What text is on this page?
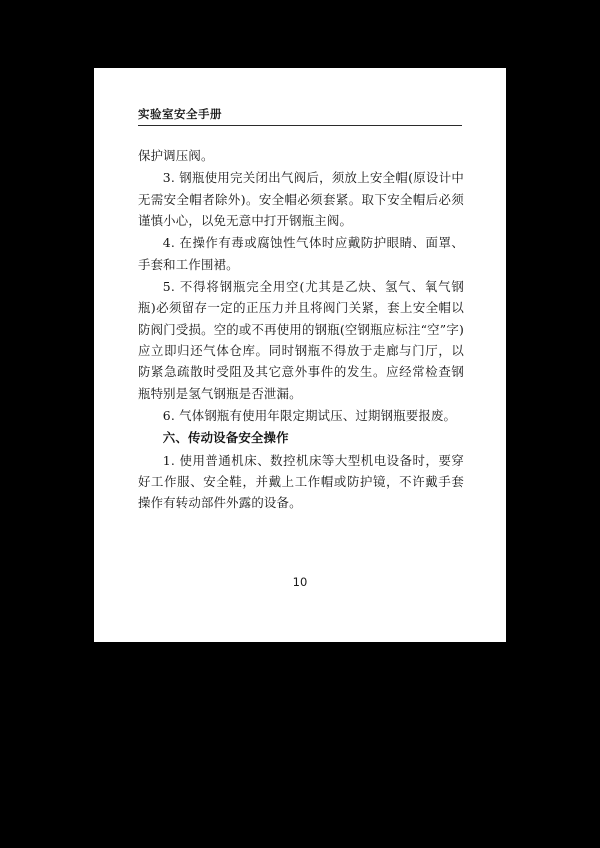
实验室安全手册

保护调压阀。

3. 钢瓶使用完关闭出气阀后，须放上安全帽(原设计中无需安全帽者除外)。安全帽必须套紧。取下安全帽后必须谨慎小心，以免无意中打开钢瓶主阀。

4. 在操作有毒或腐蚀性气体时应戴防护眼睛、面罩、手套和工作围裙。

5. 不得将钢瓶完全用空(尤其是乙炔、氢气、氧气钢瓶)必须留存一定的正压力并且将阀门关紧，套上安全帽以防阀门受损。空的或不再使用的钢瓶(空钢瓶应标注“空”字)应立即归还气体仓库。同时钢瓶不得放于走廊与门厅，以防紧急疏散时受阻及其它意外事件的发生。应经常检查钢瓶特别是氢气钢瓶是否泄漏。

6. 气体钢瓶有使用年限定期试压、过期钢瓶要报废。

六、传动设备安全操作

1. 使用普通机床、数控机床等大型机电设备时，要穿好工作服、安全鞋，并戴上工作帽或防护镜，不许戴手套操作有转动部件外露的设备。

10
